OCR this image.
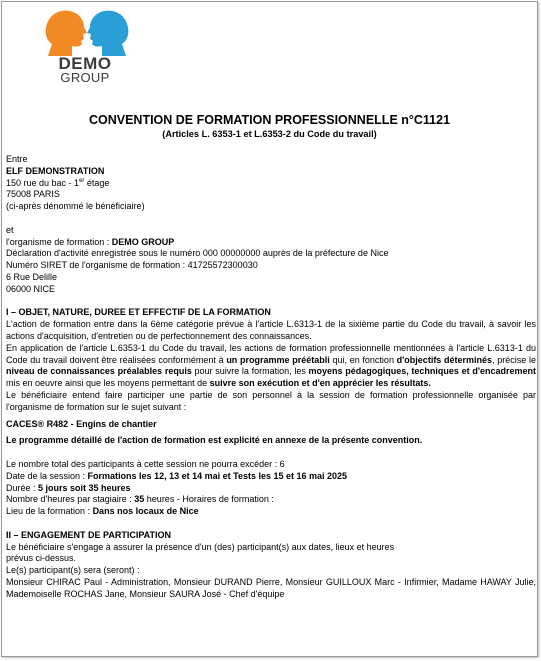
DEMO
GROUP
CONVENTION DE FORMATION PROFESSIONNELLE n°C1121
(Articles L. 6353-1 et L.6353-2 du Code du travail)

Entre

ELF DEMONSTRATION

150 rue du bac - 1er étage

75008 PARIS

(ci-après dénommé le bénéficiaire)

et

l'organisme de formation : DEMO GROUP

Déclaration d'activité enregistrée sous le numéro 000 00000000 auprès de la préfecture de Nice

Numéro SIRET de l'organisme de formation : 41725572300030

6 Rue Delille

06000 NICE

I – OBJET, NATURE, DUREE ET EFFECTIF DE LA FORMATION

L'action de formation entre dans la 6ème catégorie prévue à l'article L.6313-1 de la sixième partie du Code du travail, à savoir les actions d'acquisition, d'entretien ou de perfectionnement des connaissances.

En application de l'article L.6353-1 du Code du travail, les actions de formation professionnelle mentionnées à l'article L.6313-1 du Code du travail doivent être réalisées conformément à un programme préétabli qui, en fonction d'objectifs déterminés, précise le niveau de connaissances préalables requis pour suivre la formation, les moyens pédagogiques, techniques et d'encadrement mis en oeuvre ainsi que les moyens permettant de suivre son exécution et d'en apprécier les résultats.

Le bénéficiaire entend faire participer une partie de son personnel à la session de formation professionnelle organisée par l'organisme de formation sur le sujet suivant :

CACES® R482 - Engins de chantier

Le programme détaillé de l'action de formation est explicité en annexe de la présente convention.

Le nombre total des participants à cette session ne pourra excéder : 6

Date de la session : Formations les 12, 13 et 14 mai et Tests les 15 et 16 mai 2025

Durée : 5 jours soit 35 heures

Nombre d'heures par stagiaire : 35 heures - Horaires de formation :

Lieu de la formation : Dans nos locaux de Nice

II – ENGAGEMENT DE PARTICIPATION

Le bénéficiaire s'engage à assurer la présence d'un (des) participant(s) aux dates, lieux et heures

prévus ci-dessus.

Le(s) participant(s) sera (seront) :

Monsieur CHIRAC Paul - Administration, Monsieur DURAND Pierre, Monsieur GUILLOUX Marc - Infirmier, Madame HAWAY Julie, Mademoiselle ROCHAS Jane, Monsieur SAURA José - Chef d'équipe
